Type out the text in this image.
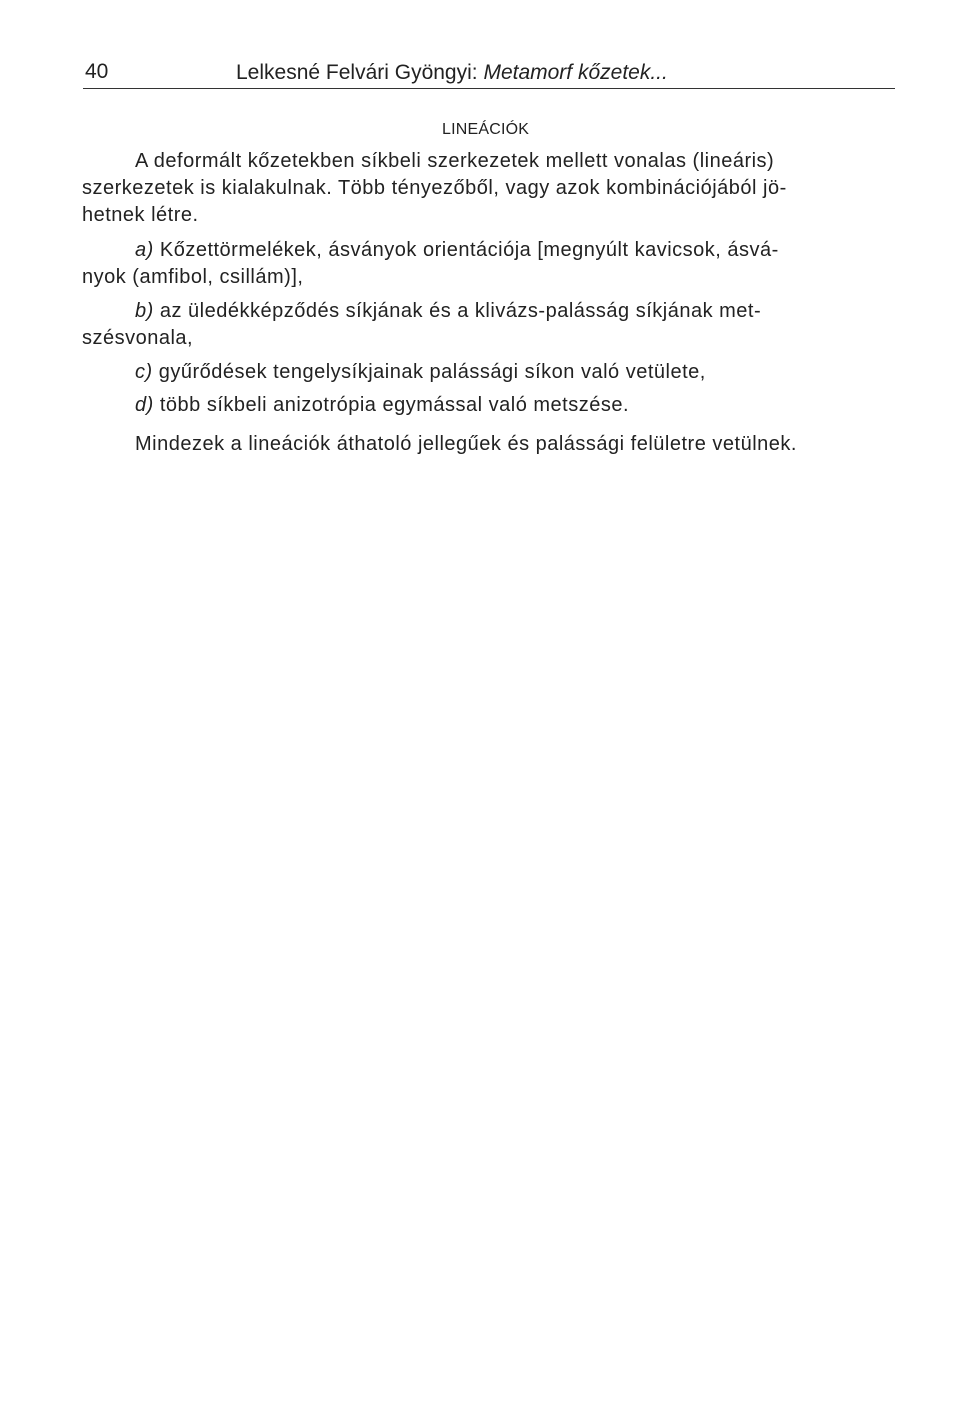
40	Lelkesné Felvári Gyöngyi: Metamorf kőzetek...
LINEÁCIÓK
A deformált kőzetekben síkbeli szerkezetek mellett vonalas (lineáris)
szerkezetek is kialakulnak. Több tényezőből, vagy azok kombinációjából jö-
hetnek létre.
a) Kőzettörmelékek, ásványok orientációja [megnyúlt kavicsok, ásvá-
nyok (amfibol, csillám)],
b) az üledékképződés síkjának és a klivázs-palásság síkjának met-
szésvonala,
c) gyűrődések tengelysíkjainak palássági síkon való vetülete,
d) több síkbeli anizotrópia egymással való metszése.
Mindezek a lineációk áthatoló jellegűek és palássági felületre vetülnek.
